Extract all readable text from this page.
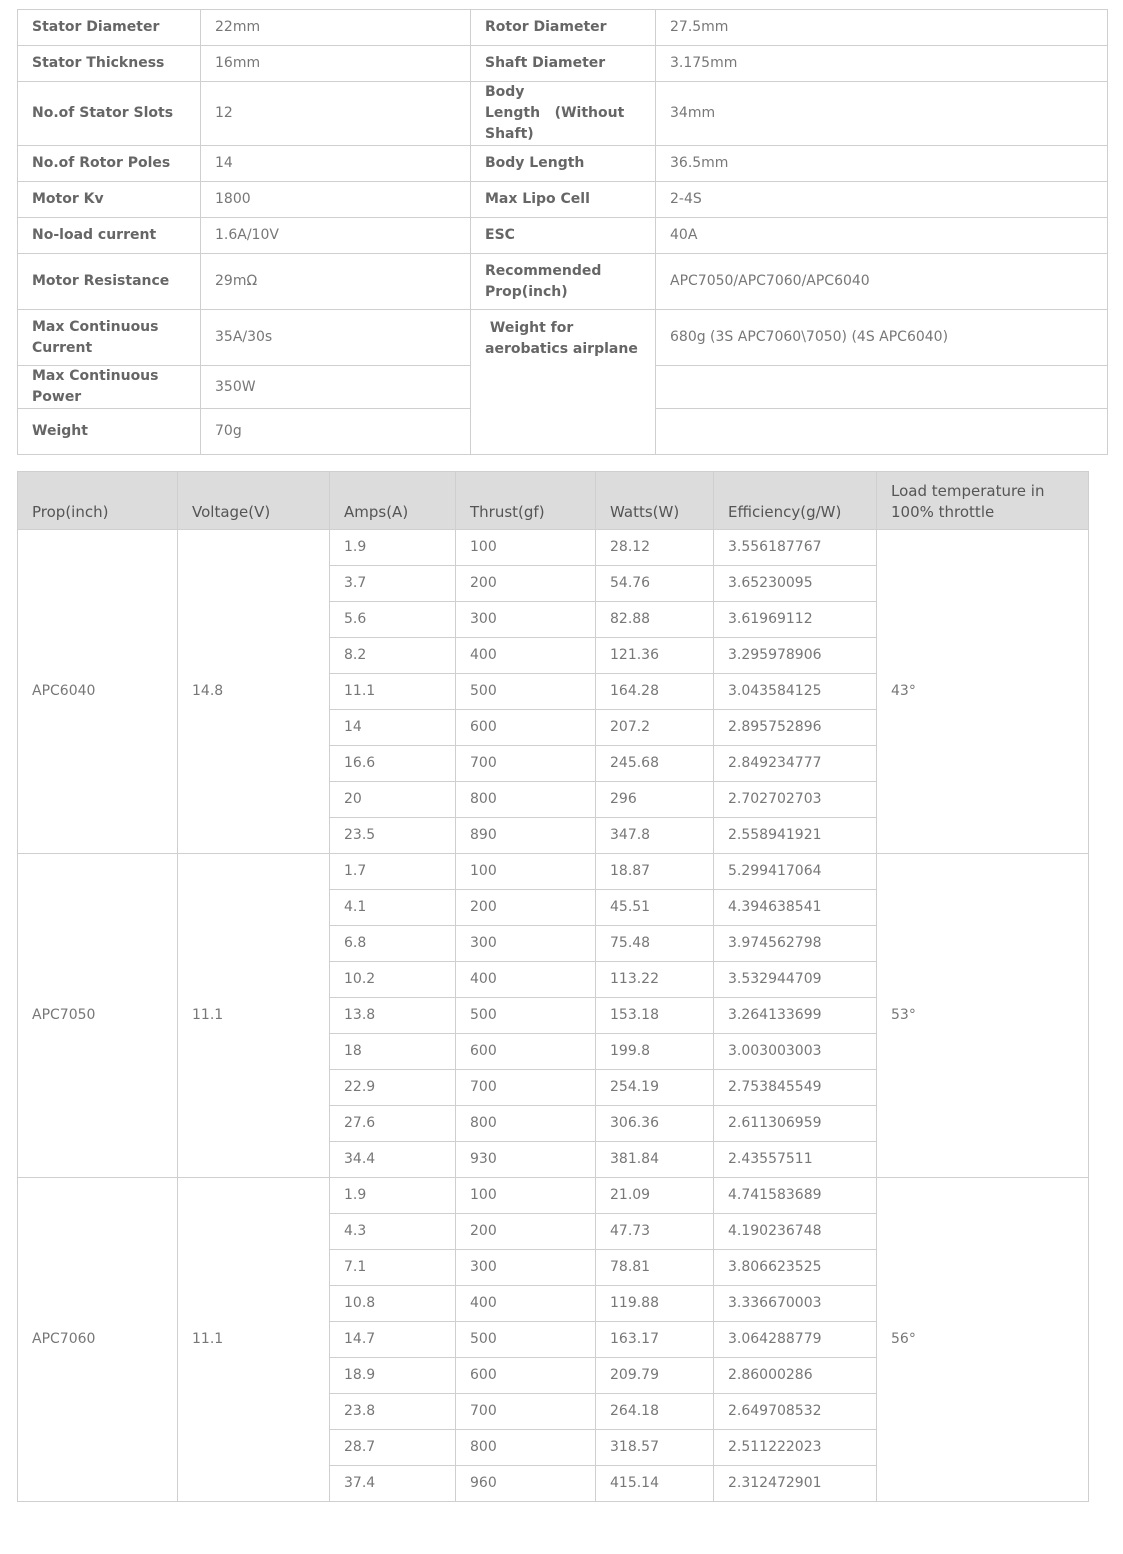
Stator Diameter	22mm	Rotor Diameter	27.5mm
Stator Thickness	16mm	Shaft Diameter	3.175mm
No.of Stator Slots	12	Body Length   (Without Shaft)	34mm
No.of Rotor Poles	14	Body Length	36.5mm
Motor Kv	1800	Max Lipo Cell	2-4S
No-load current	1.6A/10V	ESC	40A
Motor Resistance	29mΩ	Recommended Prop(inch)	APC7050/APC7060/APC6040
Max Continuous Current	35A/30s	Weight for aerobatics airplane	680g (3S APC7060\7050) (4S APC6040)
Max Continuous Power	350W		
Weight	70g		
Prop(inch)	Voltage(V)	Amps(A)	Thrust(gf)	Watts(W)	Efficiency(g/W)	Load temperature in 100% throttle
APC6040	14.8	1.9	100	28.12	3.556187767	43°
		3.7	200	54.76	3.65230095	
		5.6	300	82.88	3.61969112	
		8.2	400	121.36	3.295978906	
		11.1	500	164.28	3.043584125	
		14	600	207.2	2.895752896	
		16.6	700	245.68	2.849234777	
		20	800	296	2.702702703	
		23.5	890	347.8	2.558941921	
APC7050	11.1	1.7	100	18.87	5.299417064	53°
		4.1	200	45.51	4.394638541	
		6.8	300	75.48	3.974562798	
		10.2	400	113.22	3.532944709	
		13.8	500	153.18	3.264133699	
		18	600	199.8	3.003003003	
		22.9	700	254.19	2.753845549	
		27.6	800	306.36	2.611306959	
		34.4	930	381.84	2.43557511	
APC7060	11.1	1.9	100	21.09	4.741583689	56°
		4.3	200	47.73	4.190236748	
		7.1	300	78.81	3.806623525	
		10.8	400	119.88	3.336670003	
		14.7	500	163.17	3.064288779	
		18.9	600	209.79	2.86000286	
		23.8	700	264.18	2.649708532	
		28.7	800	318.57	2.511222023	
		37.4	960	415.14	2.312472901	
